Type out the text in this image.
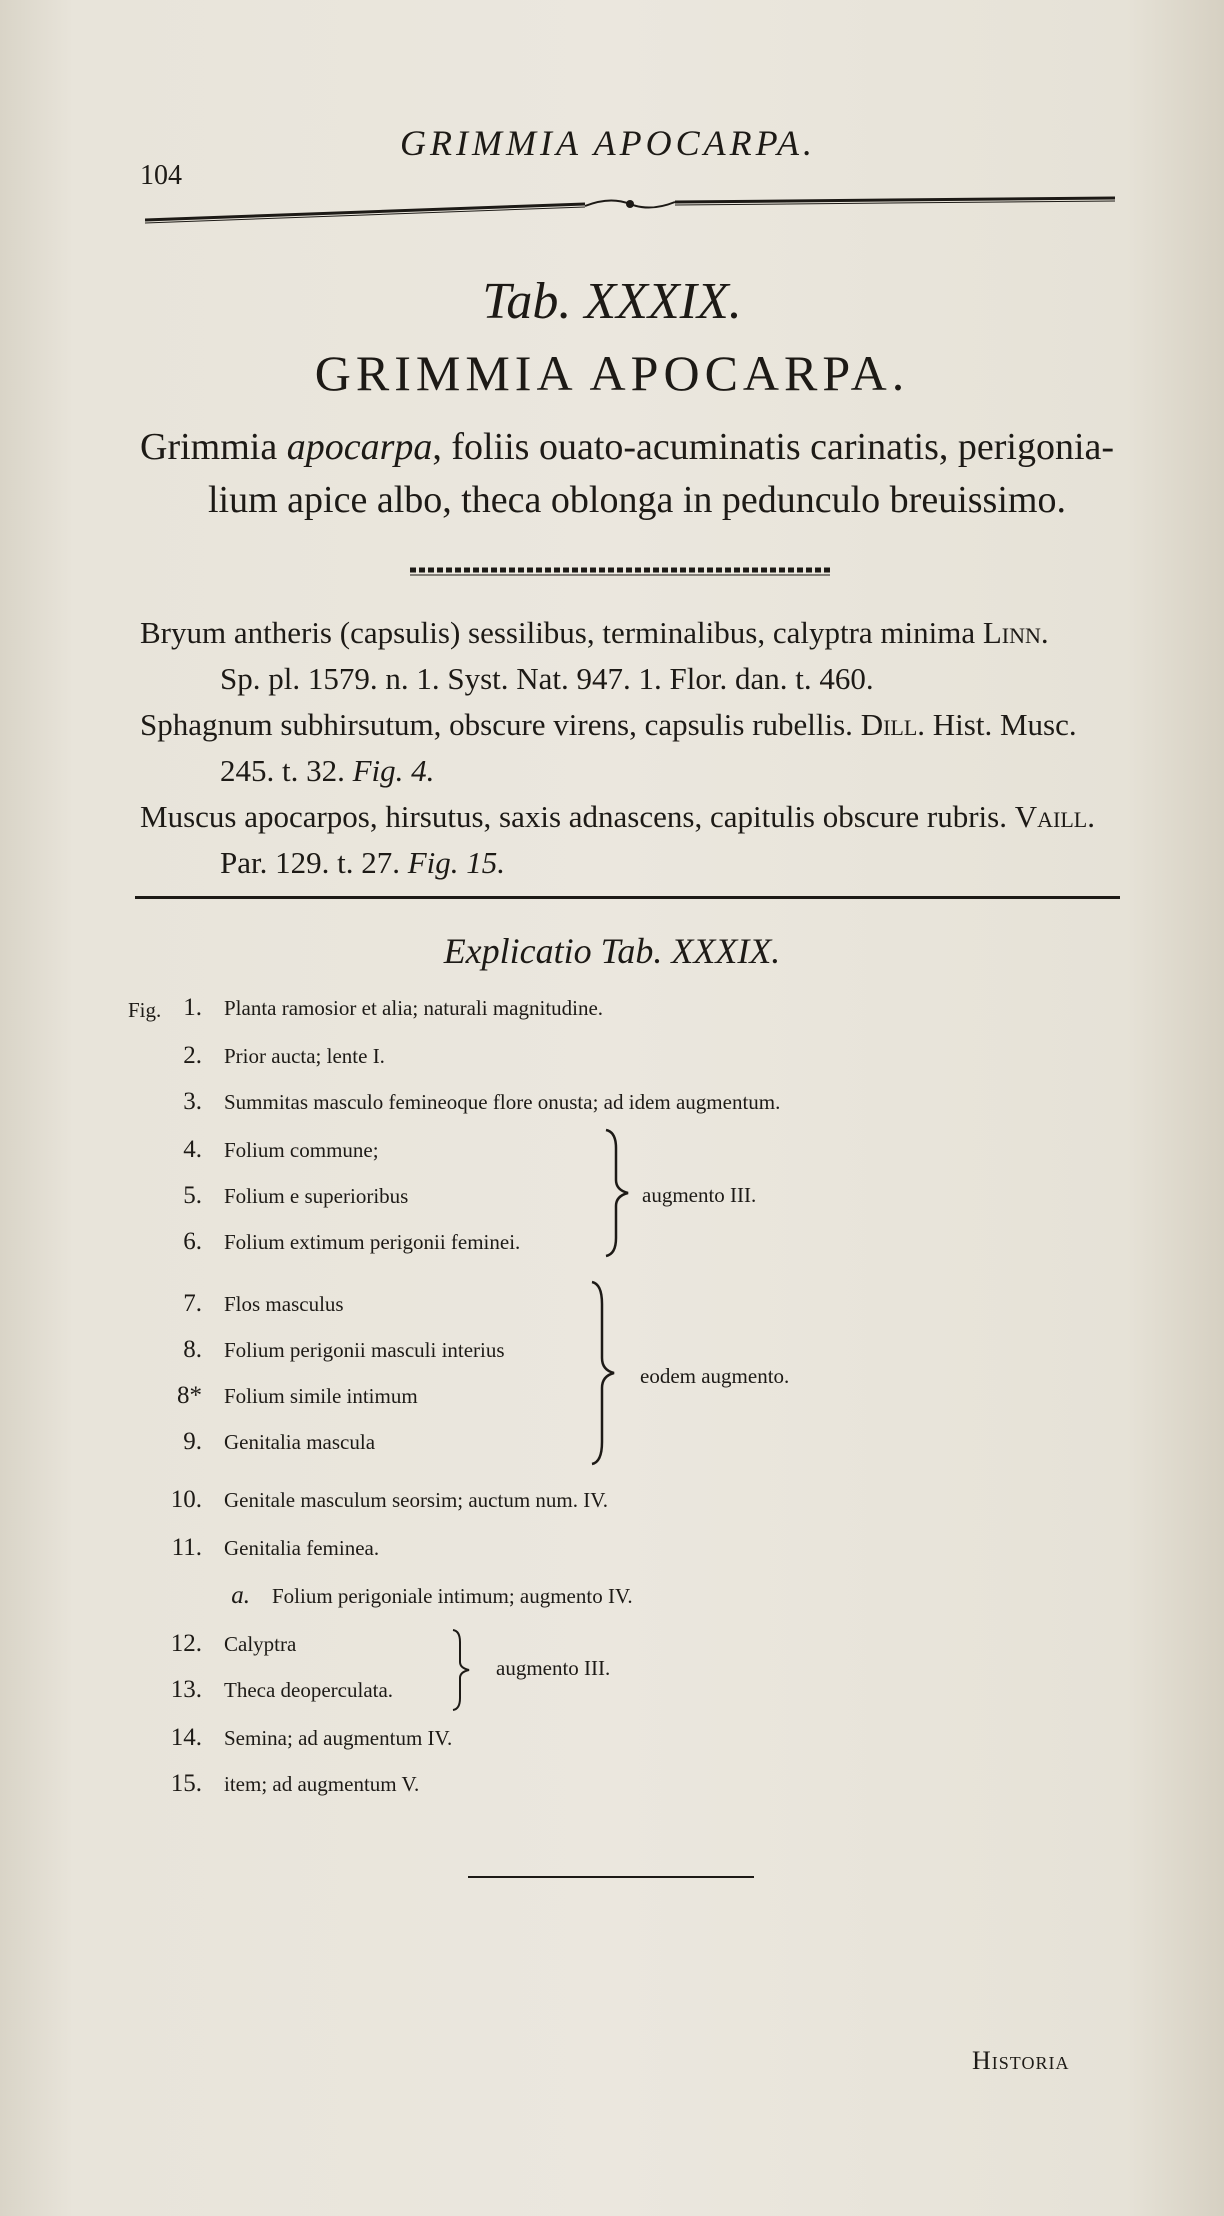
104
GRIMMIA APOCARPA.
Tab. XXXIX.
GRIMMIA APOCARPA.
Grimmia apocarpa, foliis ouato-acuminatis carinatis, perigonia-
lium apice albo, theca oblonga in pedunculo breuissimo.
Bryum antheris (capsulis) sessilibus, terminalibus, calyptra minima Linn.
Sp. pl. 1579. n. 1. Syst. Nat. 947. 1. Flor. dan. t. 460.
Sphagnum subhirsutum, obscure virens, capsulis rubellis. Dill. Hist. Musc.
245. t. 32. Fig. 4.
Muscus apocarpos, hirsutus, saxis adnascens, capitulis obscure rubris. Vaill.
Par. 129. t. 27. Fig. 15.
Explicatio Tab. XXXIX.
Fig. 1. Planta ramosior et alia; naturali magnitudine.
2. Prior aucta; lente I.
3. Summitas masculo femineoque flore onusta; ad idem augmentum.
4. Folium commune;
5. Folium e superioribus
6. Folium extimum perigonii feminei.
augmento III.
7. Flos masculus
8. Folium perigonii masculi interius
8* Folium simile intimum
9. Genitalia mascula
eodem augmento.
10. Genitale masculum seorsim; auctum num. IV.
11. Genitalia feminea.
a. Folium perigoniale intimum; augmento IV.
12. Calyptra
13. Theca deoperculata.
augmento III.
14. Semina; ad augmentum IV.
15. item; ad augmentum V.
Historia
